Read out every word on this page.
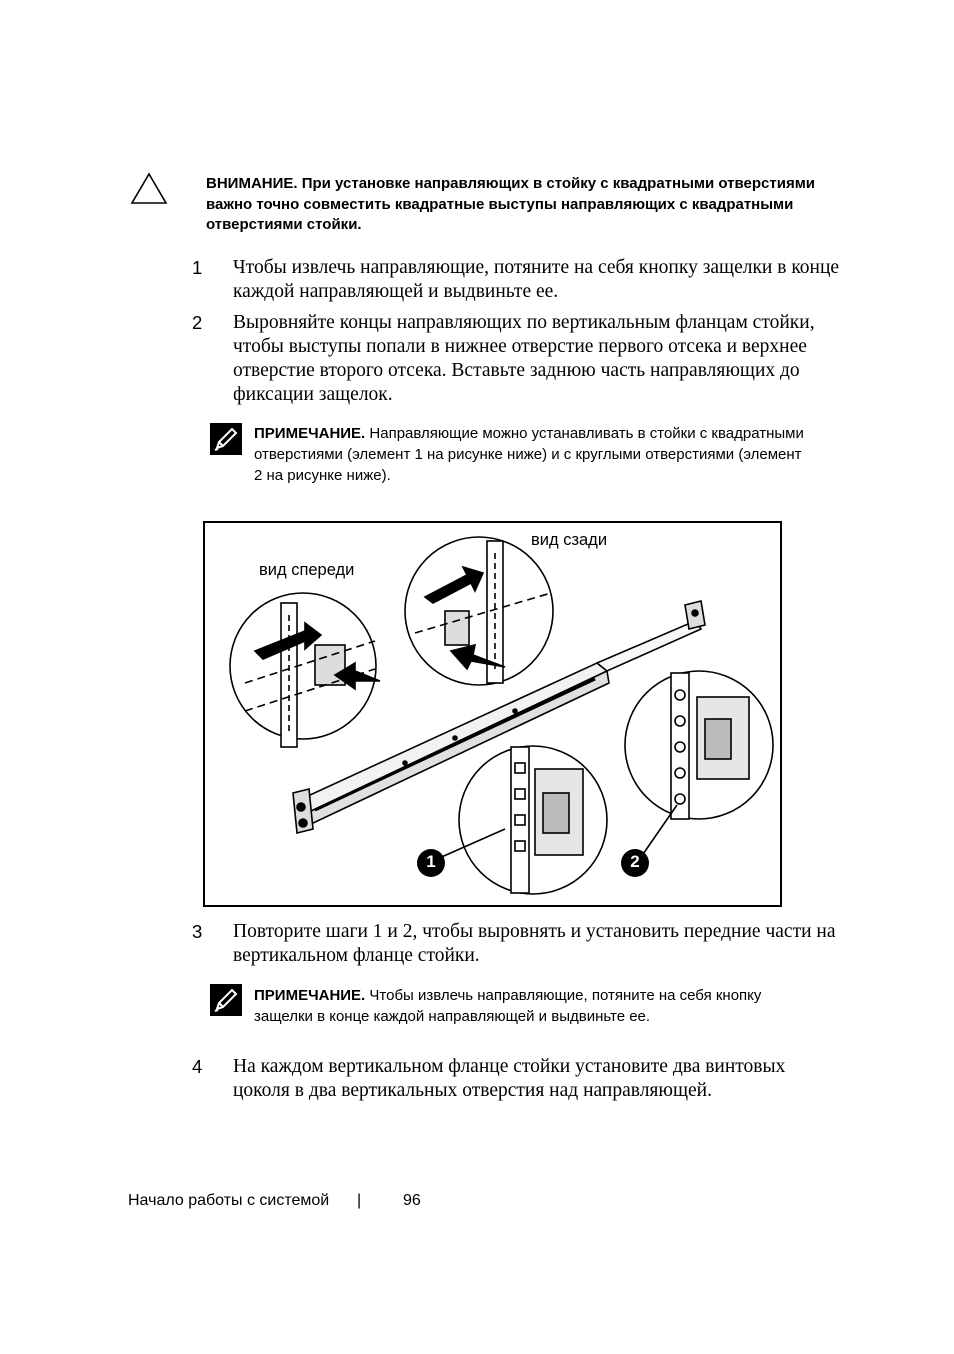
ВНИМАНИЕ. При установке направляющих в стойку с квадратными отверстиями важно точно совместить квадратные выступы направляющих с квадратными отверстиями стойки.
1 Чтобы извлечь направляющие, потяните на себя кнопку защелки в конце каждой направляющей и выдвиньте ее.
2 Выровняйте концы направляющих по вертикальным фланцам стойки, чтобы выступы попали в нижнее отверстие первого отсека и верхнее отверстие второго отсека. Вставьте заднюю часть направляющих до фиксации защелок.
ПРИМЕЧАНИЕ. Направляющие можно устанавливать в стойки с квадратными отверстиями (элемент 1 на рисунке ниже) и с круглыми отверстиями (элемент 2 на рисунке ниже).
вид спереди
вид сзади
1	2
3 Повторите шаги 1 и 2, чтобы выровнять и установить передние части на вертикальном фланце стойки.
ПРИМЕЧАНИЕ. Чтобы извлечь направляющие, потяните на себя кнопку защелки в конце каждой направляющей и выдвиньте ее.
4 На каждом вертикальном фланце стойки установите два винтовых цоколя в два вертикальных отверстия над направляющей.
Начало работы с системой |	96
